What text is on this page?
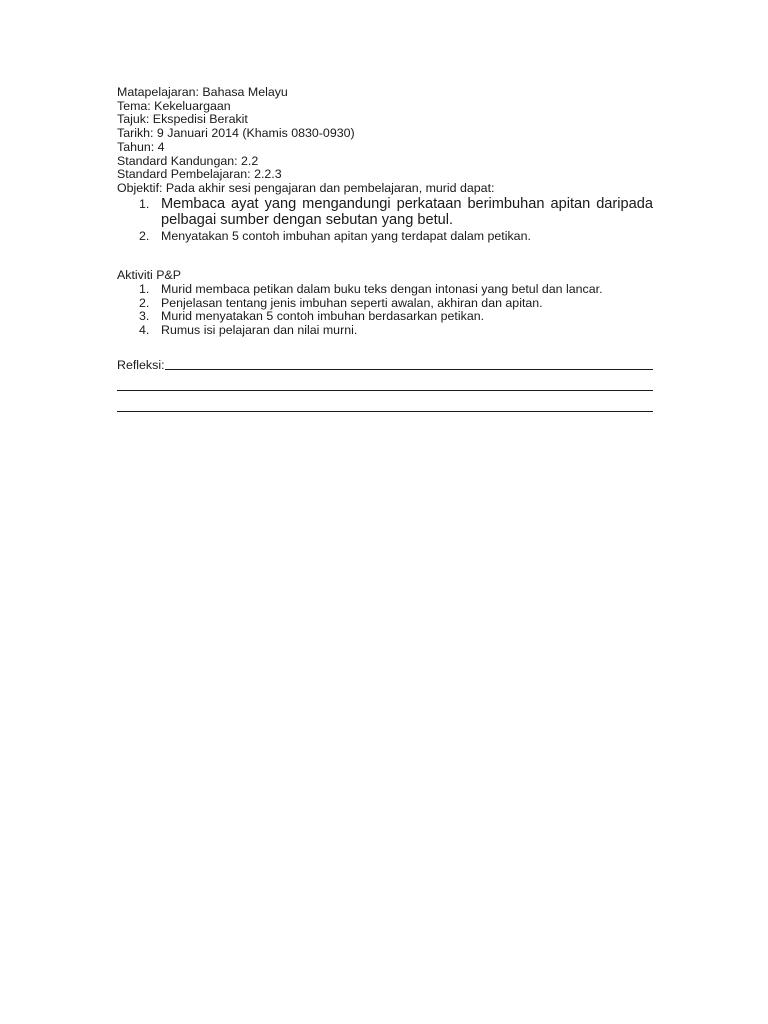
Matapelajaran: Bahasa Melayu
Tema: Kekeluargaan
Tajuk: Ekspedisi Berakit
Tarikh: 9 Januari 2014 (Khamis 0830-0930)
Tahun: 4
Standard Kandungan: 2.2
Standard Pembelajaran: 2.2.3
Objektif: Pada akhir sesi pengajaran dan pembelajaran, murid dapat:
1. Membaca ayat yang mengandungi perkataan berimbuhan apitan daripada pelbagai sumber dengan sebutan yang betul.
2. Menyatakan 5 contoh imbuhan apitan yang terdapat dalam petikan.
Aktiviti P&P
1. Murid membaca petikan dalam buku teks dengan intonasi yang betul dan lancar.
2. Penjelasan tentang jenis imbuhan seperti awalan, akhiran dan apitan.
3. Murid menyatakan 5 contoh imbuhan berdasarkan petikan.
4. Rumus isi pelajaran dan nilai murni.
Refleksi:
